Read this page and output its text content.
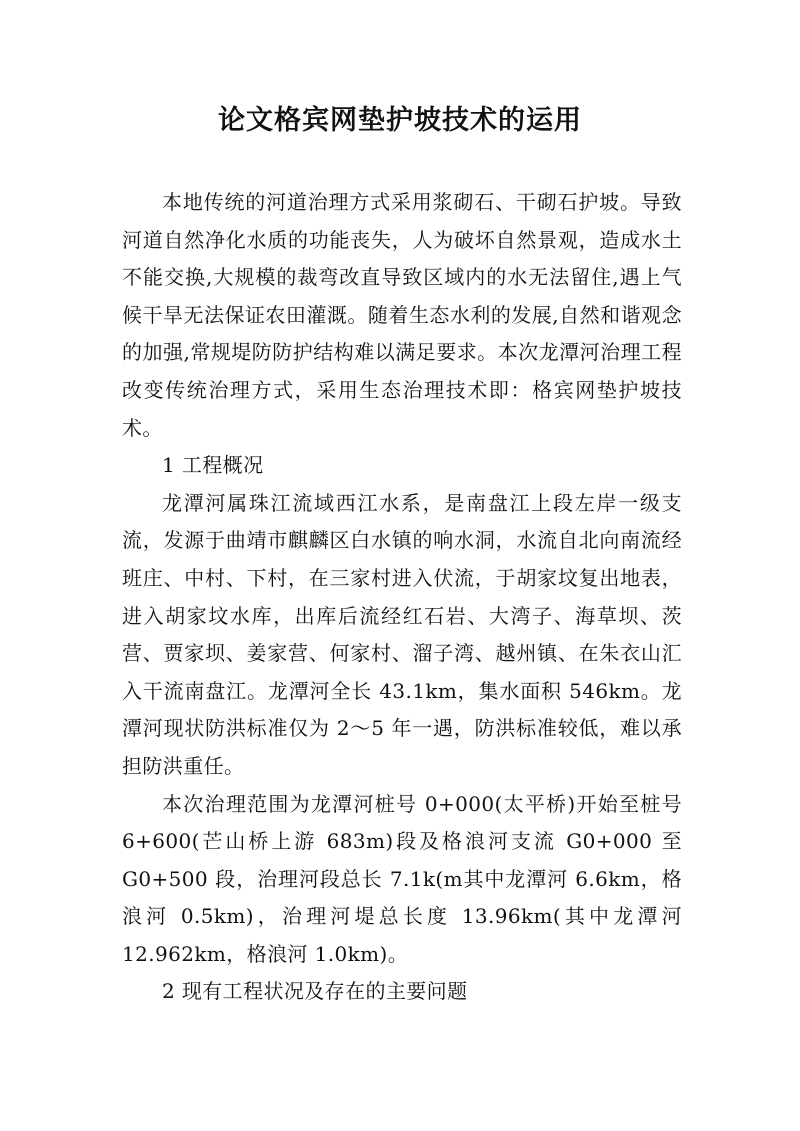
论文格宾网垫护坡技术的运用

本地传统的河道治理方式采用浆砌石、干砌石护坡。导致河道自然净化水质的功能丧失，人为破坏自然景观，造成水土不能交换,大规模的裁弯改直导致区域内的水无法留住,遇上气候干旱无法保证农田灌溉。随着生态水利的发展,自然和谐观念的加强,常规堤防防护结构难以满足要求。本次龙潭河治理工程改变传统治理方式，采用生态治理技术即：格宾网垫护坡技术。

1 工程概况

龙潭河属珠江流域西江水系，是南盘江上段左岸一级支流，发源于曲靖市麒麟区白水镇的响水洞，水流自北向南流经班庄、中村、下村，在三家村进入伏流，于胡家坟复出地表，进入胡家坟水库，出库后流经红石岩、大湾子、海草坝、茨营、贾家坝、姜家营、何家村、溜子湾、越州镇、在朱衣山汇入干流南盘江。龙潭河全长 43.1km，集水面积 546km。龙潭河现状防洪标准仅为 2～5 年一遇，防洪标准较低，难以承担防洪重任。

本次治理范围为龙潭河桩号 0+000(太平桥)开始至桩号6+600(芒山桥上游 683m)段及格浪河支流 G0+000 至G0+500 段，治理河段总长 7.1k(m其中龙潭河 6.6km，格浪河 0.5km)，治理河堤总长度 13.96km(其中龙潭河12.962km，格浪河 1.0km)。

2 现有工程状况及存在的主要问题
